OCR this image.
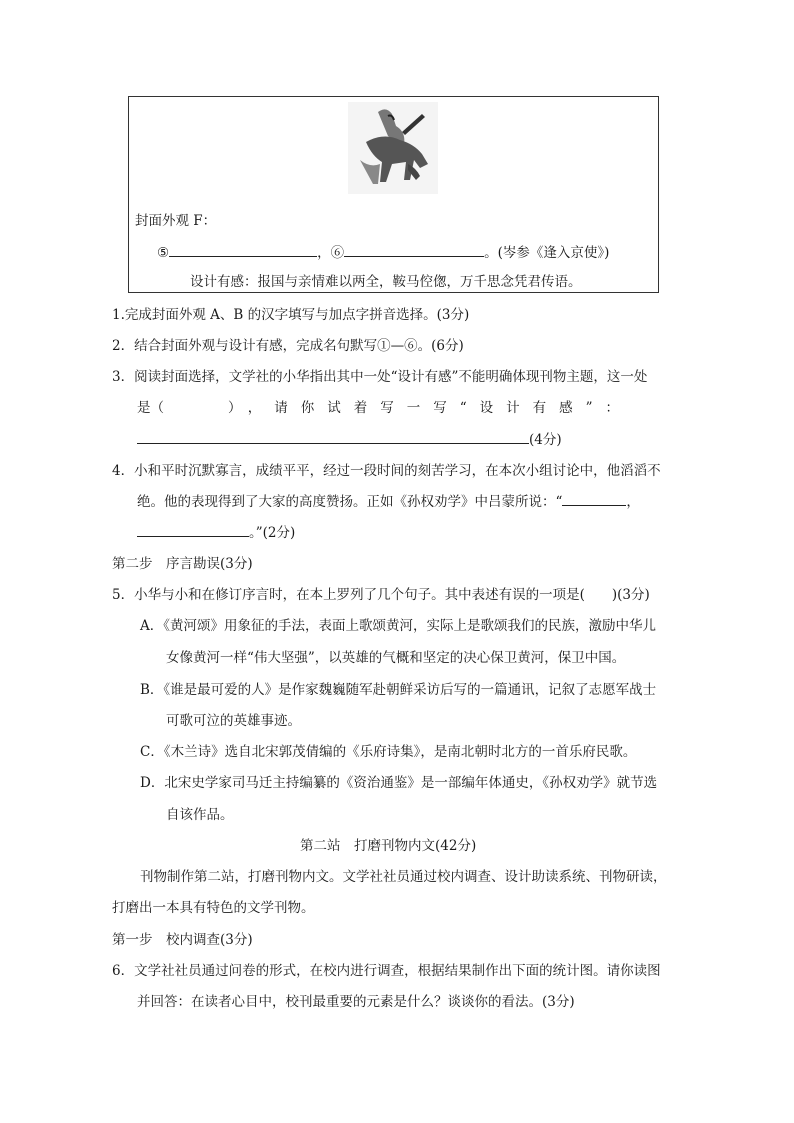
封面外观 F：
⑤	，⑥	。(岑参《逢入京使》)
设计有感：报国与亲情难以两全，鞍马倥偬，万千思念凭君传语。
1.完成封面外观 A、B 的汉字填写与加点字拼音选择。(3分)
2．结合封面外观与设计有感，完成名句默写①—⑥。(6分)
3．阅读封面选择，文学社的小华指出其中一处“设计有感”不能明确体现刊物主题，这一处
是（	），请你试着写一写“设计有感”：
(4分)
4．小和平时沉默寡言，成绩平平，经过一段时间的刻苦学习，在本次小组讨论中，他滔滔不
绝。他的表现得到了大家的高度赞扬。正如《孙权劝学》中吕蒙所说：“	，
。”(2分)
第二步　序言勘误(3分)
5．小华与小和在修订序言时，在本上罗列了几个句子。其中表述有误的一项是(　　)(3分)
A．《黄河颂》用象征的手法，表面上歌颂黄河，实际上是歌颂我们的民族，激励中华儿
女像黄河一样“伟大坚强”，以英雄的气概和坚定的决心保卫黄河，保卫中国。
B．《谁是最可爱的人》是作家魏巍随军赴朝鲜采访后写的一篇通讯，记叙了志愿军战士
可歌可泣的英雄事迹。
C．《木兰诗》选自北宋郭茂倩编的《乐府诗集》，是南北朝时北方的一首乐府民歌。
D．北宋史学家司马迁主持编纂的《资治通鉴》是一部编年体通史，《孙权劝学》就节选
自该作品。
第二站　打磨刊物内文(42分)
刊物制作第二站，打磨刊物内文。文学社社员通过校内调查、设计助读系统、刊物研读，
打磨出一本具有特色的文学刊物。
第一步　校内调查(3分)
6．文学社社员通过问卷的形式，在校内进行调查，根据结果制作出下面的统计图。请你读图
并回答：在读者心目中，校刊最重要的元素是什么？谈谈你的看法。(3分)
